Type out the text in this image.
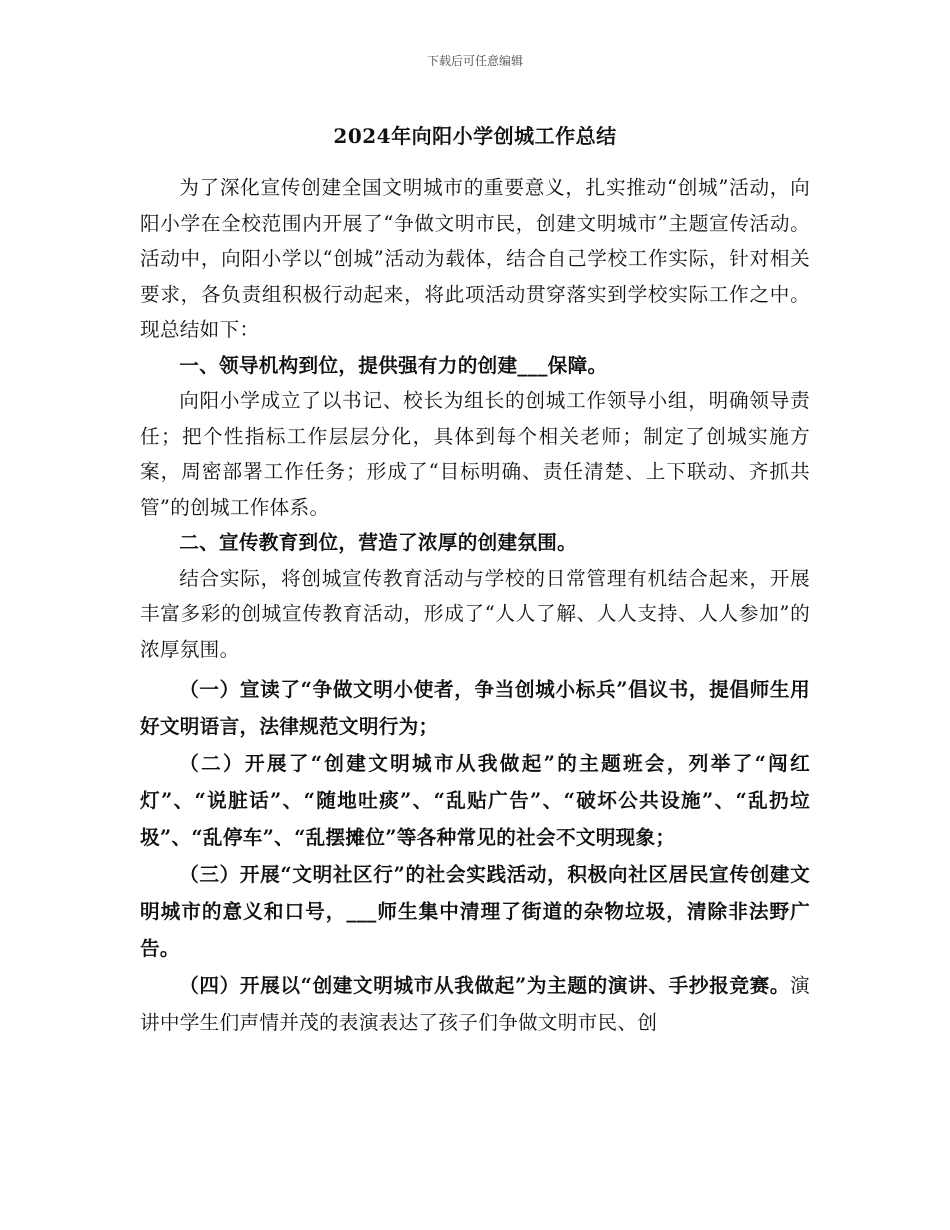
下载后可任意编辑
2024年向阳小学创城工作总结

为了深化宣传创建全国文明城市的重要意义，扎实推动“创城”活动，向阳小学在全校范围内开展了“争做文明市民，创建文明城市”主题宣传活动。活动中，向阳小学以“创城”活动为载体，结合自己学校工作实际，针对相关要求，各负责组积极行动起来，将此项活动贯穿落实到学校实际工作之中。现总结如下：

一、领导机构到位，提供强有力的创建___保障。

向阳小学成立了以书记、校长为组长的创城工作领导小组，明确领导责任；把个性指标工作层层分化，具体到每个相关老师；制定了创城实施方案，周密部署工作任务；形成了“目标明确、责任清楚、上下联动、齐抓共管”的创城工作体系。

二、宣传教育到位，营造了浓厚的创建氛围。

结合实际，将创城宣传教育活动与学校的日常管理有机结合起来，开展丰富多彩的创城宣传教育活动，形成了“人人了解、人人支持、人人参加”的浓厚氛围。

（一）宣读了“争做文明小使者，争当创城小标兵”倡议书，提倡师生用好文明语言，法律规范文明行为；

（二）开展了“创建文明城市从我做起”的主题班会，列举了“闯红灯”、“说脏话”、“随地吐痰”、“乱贴广告”、“破坏公共设施”、“乱扔垃圾”、“乱停车”、“乱摆摊位”等各种常见的社会不文明现象；

（三）开展“文明社区行”的社会实践活动，积极向社区居民宣传创建文明城市的意义和口号，___师生集中清理了街道的杂物垃圾，清除非法野广告。

（四）开展以“创建文明城市从我做起”为主题的演讲、手抄报竞赛。演讲中学生们声情并茂的表演表达了孩子们争做文明市民、创
